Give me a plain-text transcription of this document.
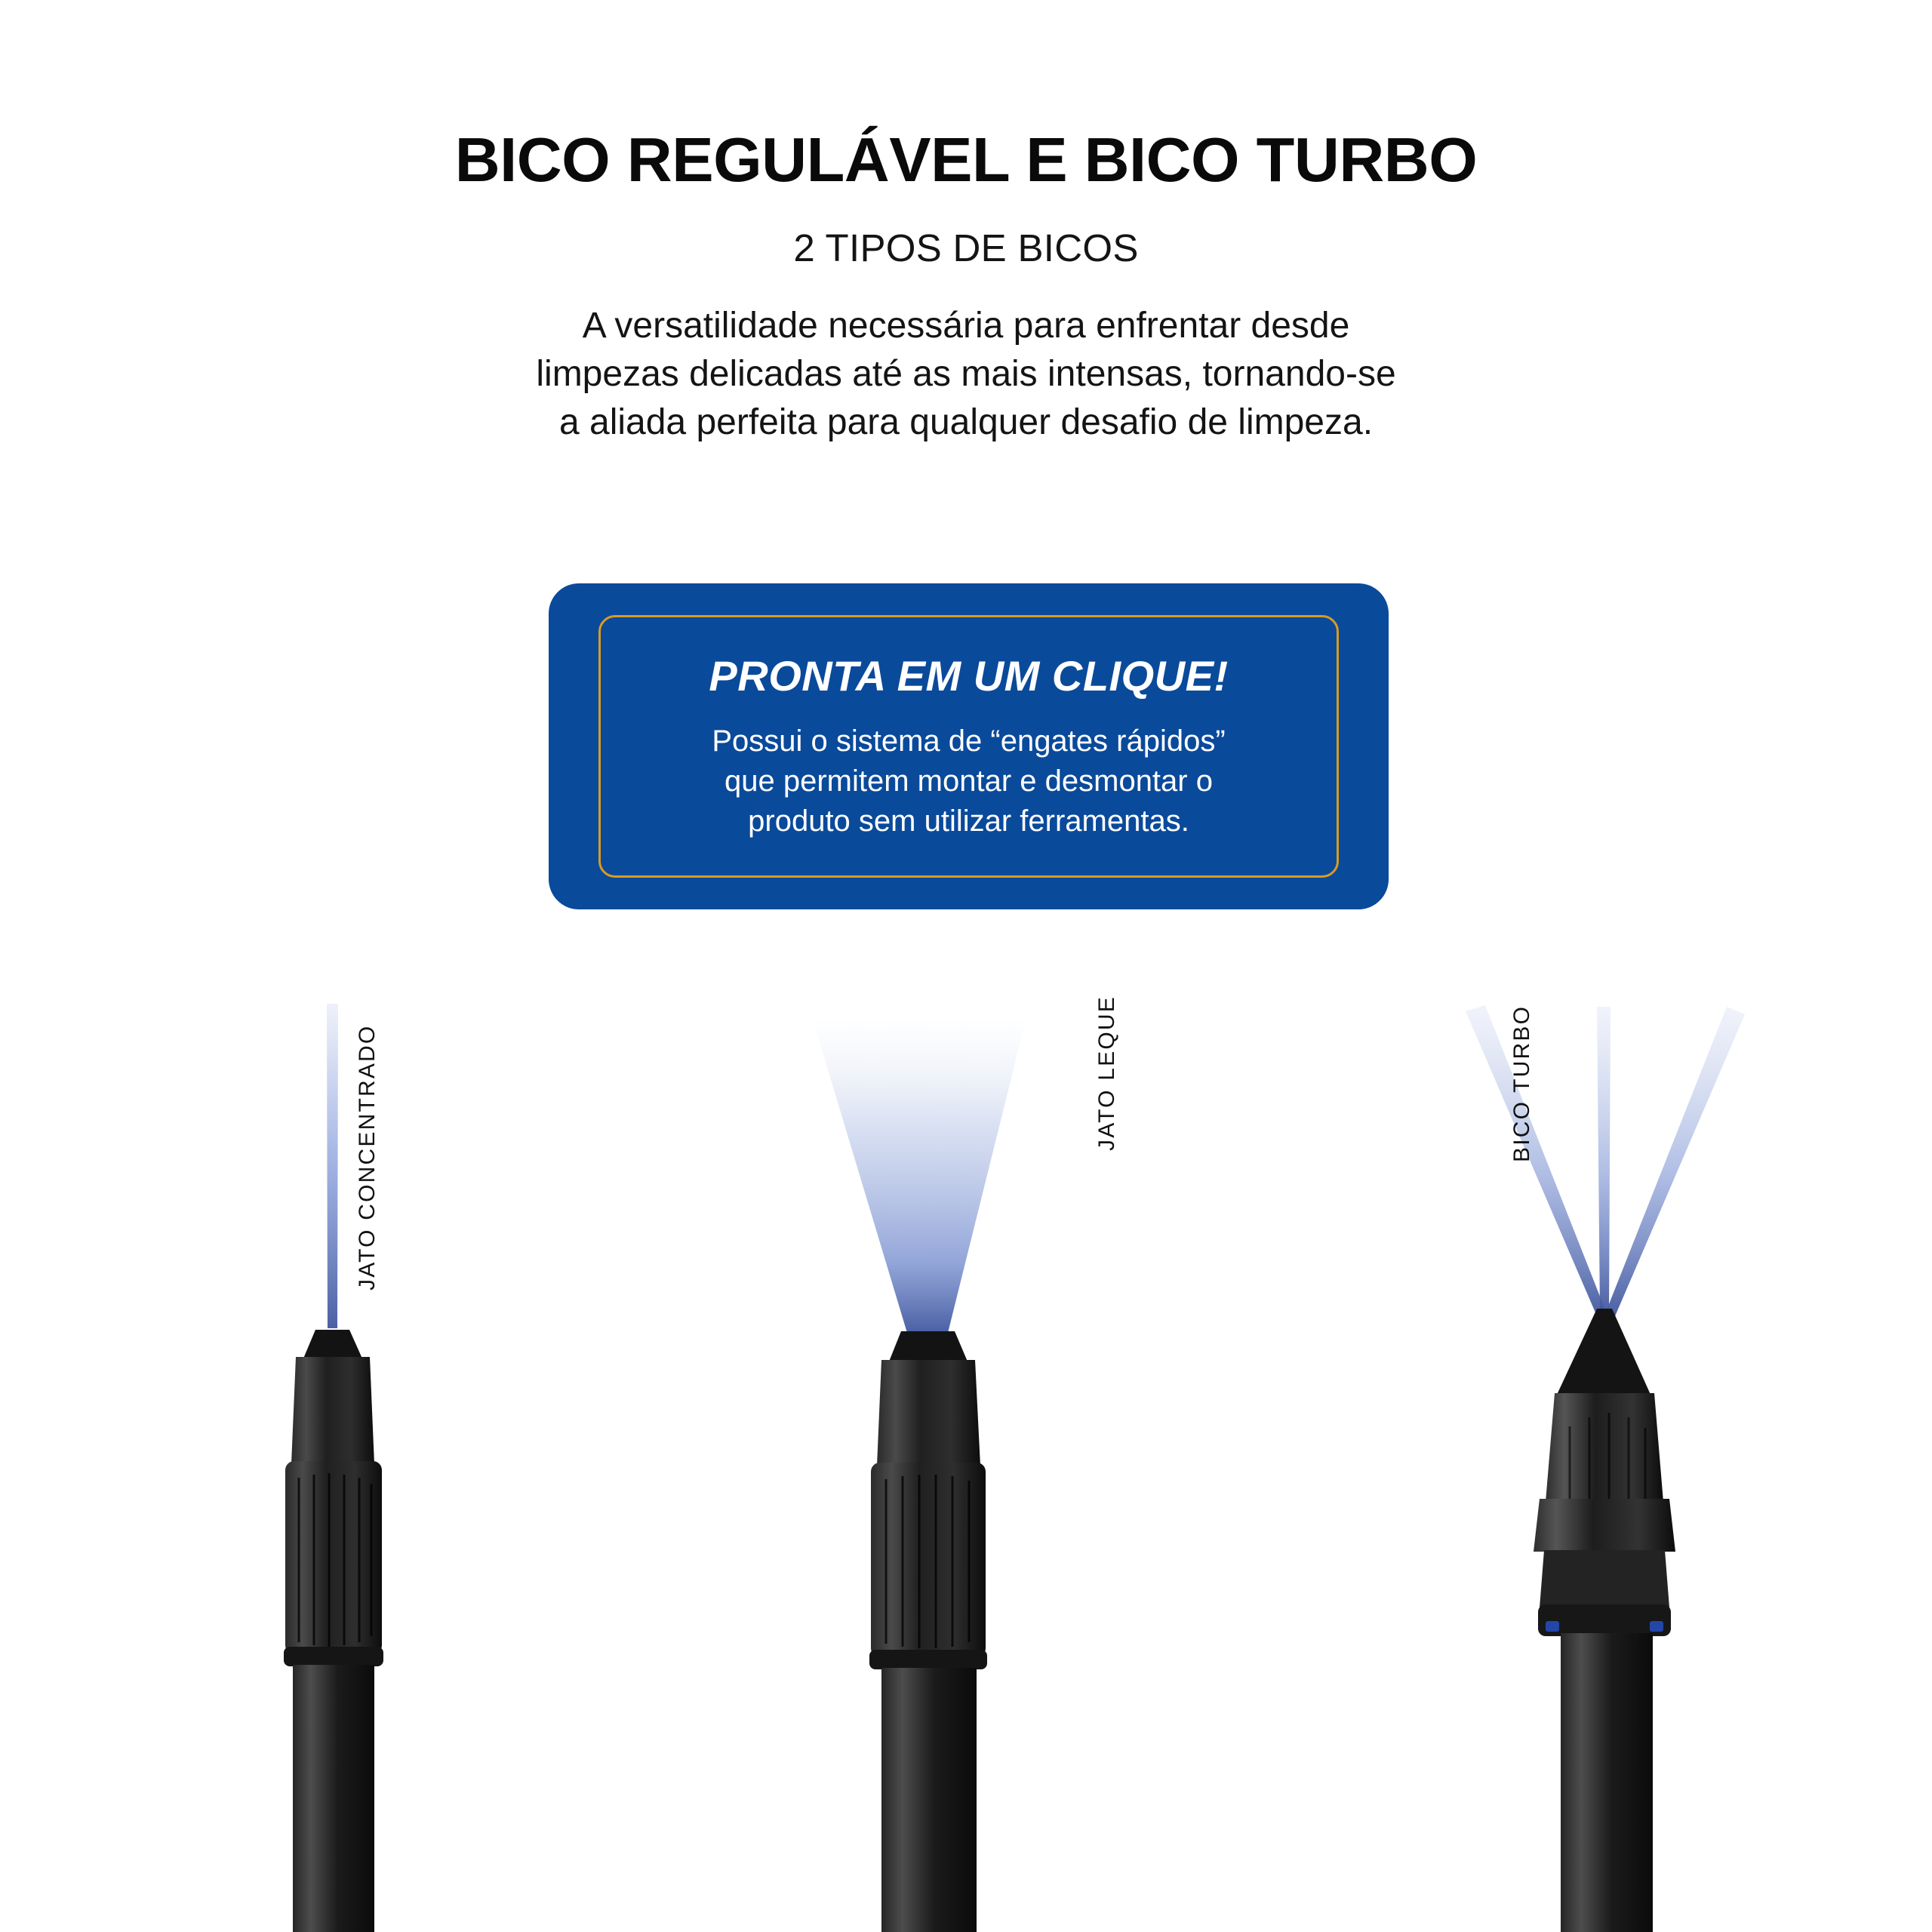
BICO REGULÁVEL E BICO TURBO
2 TIPOS DE BICOS
A versatilidade necessária para enfrentar desde
limpezas delicadas até as mais intensas, tornando-se
a aliada perfeita para qualquer desafio de limpeza.
PRONTA EM UM CLIQUE!
Possui o sistema de “engates rápidos”
que permitem montar e desmontar o
produto sem utilizar ferramentas.
JATO CONCENTRADO	JATO LEQUE	BICO TURBO
